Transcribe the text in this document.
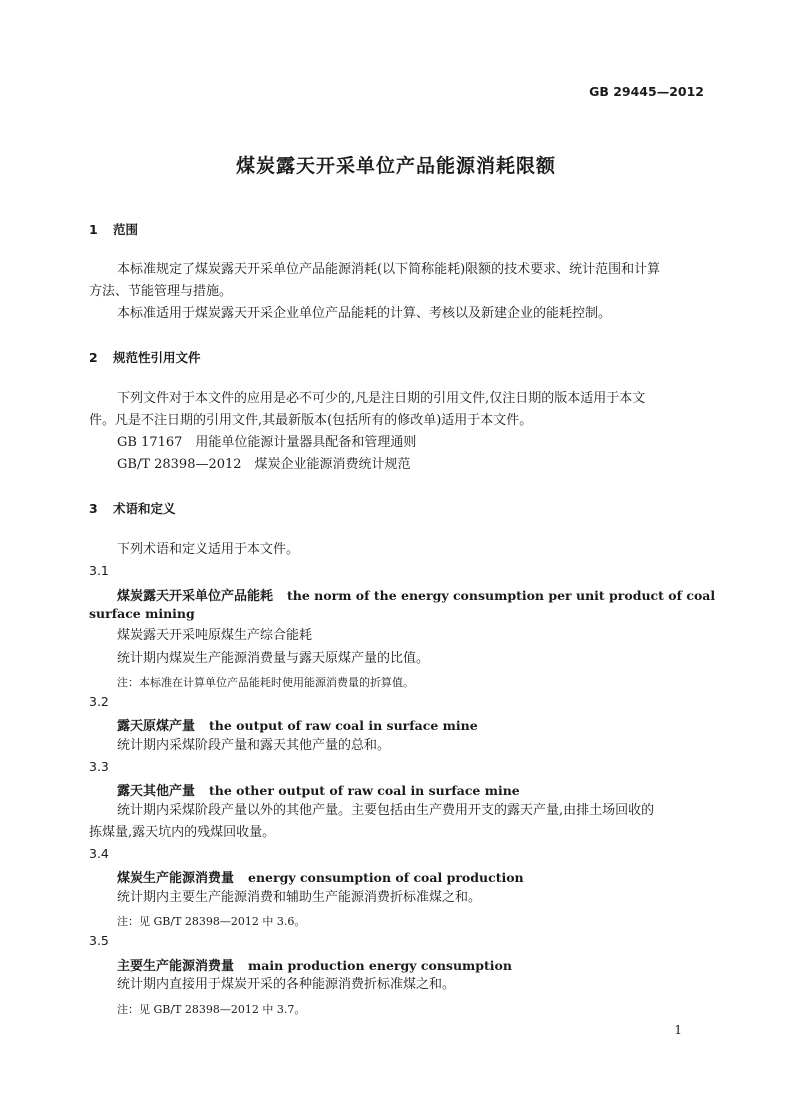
GB 29445—2012
煤炭露天开采单位产品能源消耗限额
1 范围
本标准规定了煤炭露天开采单位产品能源消耗(以下简称能耗)限额的技术要求、统计范围和计算
方法、节能管理与措施。
本标准适用于煤炭露天开采企业单位产品能耗的计算、考核以及新建企业的能耗控制。
2 规范性引用文件
下列文件对于本文件的应用是必不可少的,凡是注日期的引用文件,仅注日期的版本适用于本文
件。凡是不注日期的引用文件,其最新版本(包括所有的修改单)适用于本文件。
GB 17167　用能单位能源计量器具配备和管理通则
GB/T 28398—2012　煤炭企业能源消费统计规范
3 术语和定义
下列术语和定义适用于本文件。
3.1
煤炭露天开采单位产品能耗 the norm of the energy consumption per unit product of coal
surface mining
煤炭露天开采吨原煤生产综合能耗
统计期内煤炭生产能源消费量与露天原煤产量的比值。
注：本标准在计算单位产品能耗时使用能源消费量的折算值。
3.2
露天原煤产量 the output of raw coal in surface mine
统计期内采煤阶段产量和露天其他产量的总和。
3.3
露天其他产量 the other output of raw coal in surface mine
统计期内采煤阶段产量以外的其他产量。主要包括由生产费用开支的露天产量,由排土场回收的
拣煤量,露天坑内的残煤回收量。
3.4
煤炭生产能源消费量 energy consumption of coal production
统计期内主要生产能源消费和辅助生产能源消费折标准煤之和。
注：见 GB/T 28398—2012 中 3.6。
3.5
主要生产能源消费量 main production energy consumption
统计期内直接用于煤炭开采的各种能源消费折标准煤之和。
注：见 GB/T 28398—2012 中 3.7。
1
